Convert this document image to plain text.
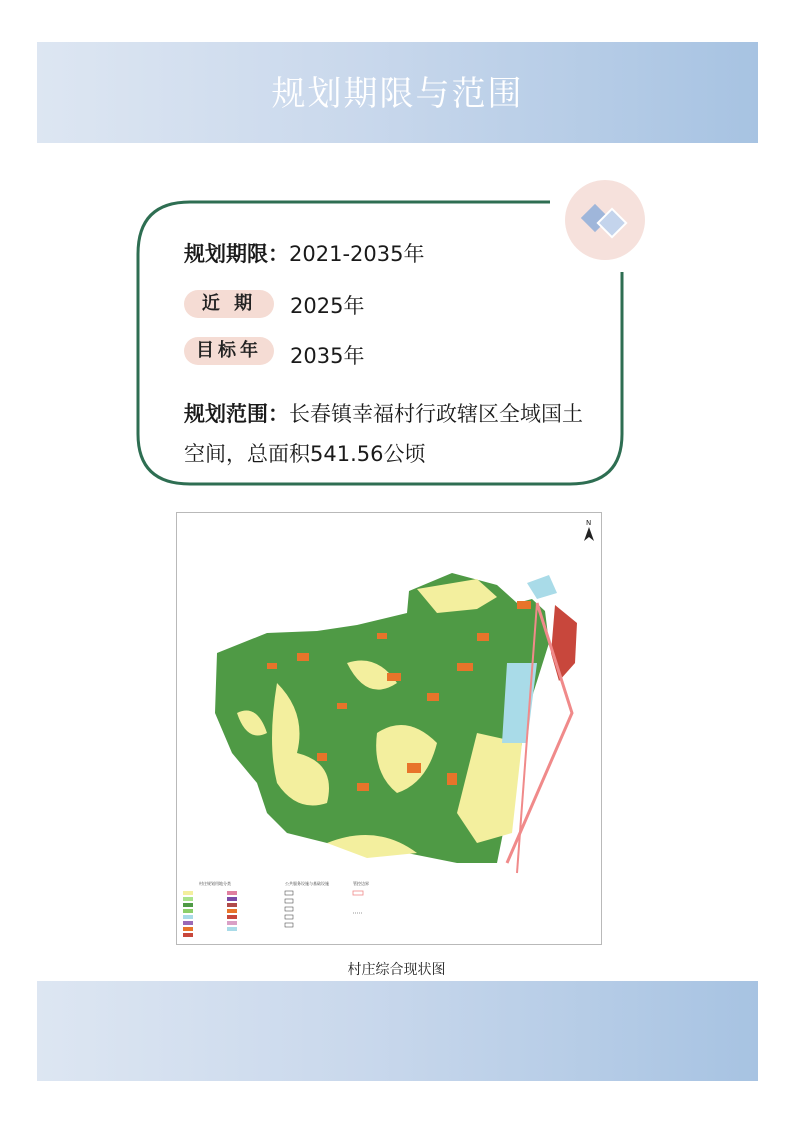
规划期限与范围
规划期限：2021-2035年
近 期	2025年
目标年	2035年
规划范围：长春镇幸福村行政辖区全域国土
空间，总面积541.56公顷
N
村庄规划用地分类	公共服务设施与基础设施	管控边界
村庄综合现状图
